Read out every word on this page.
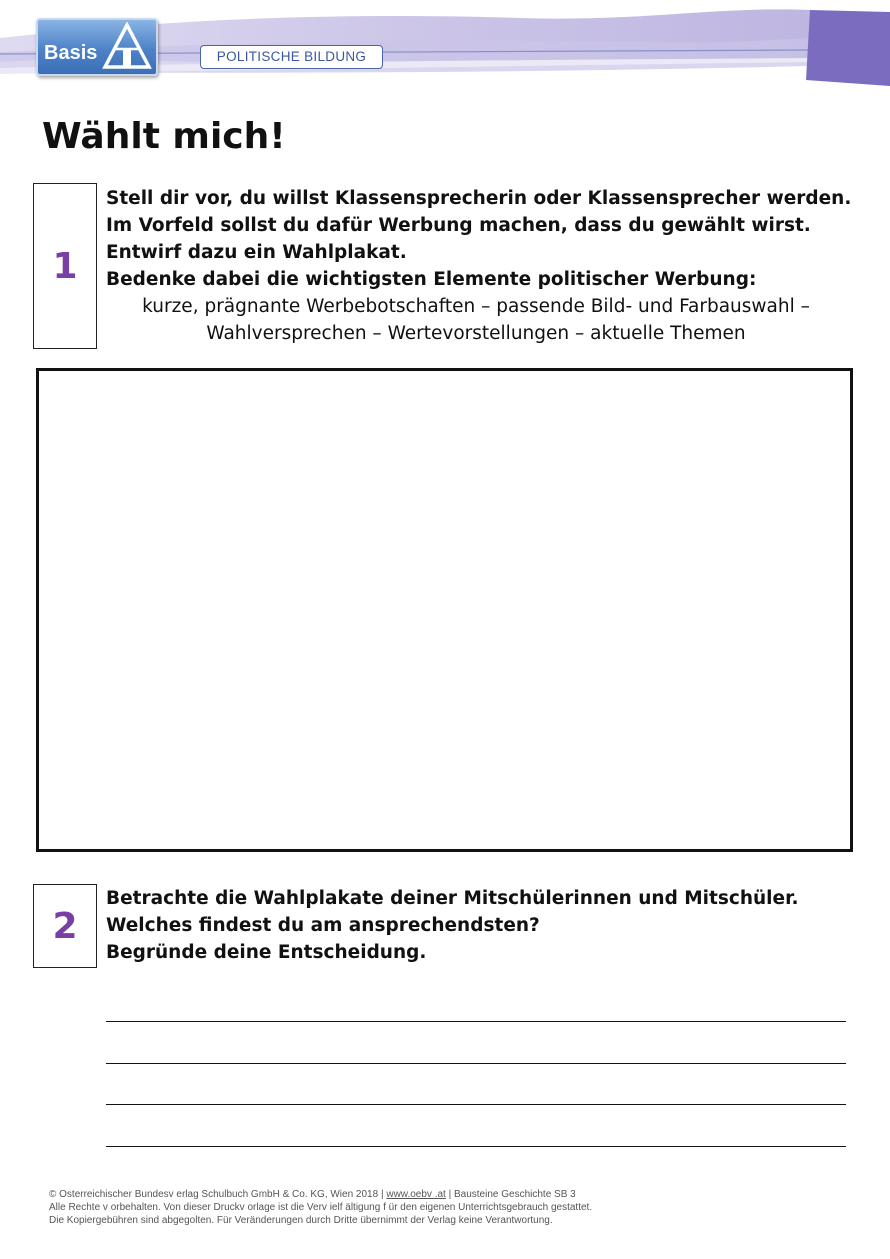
Basis	POLITISCHE BILDUNG
Wählt mich!
1
Stell dir vor, du willst Klassensprecherin oder Klassensprecher werden.
Im Vorfeld sollst du dafür Werbung machen, dass du gewählt wirst.
Entwirf dazu ein Wahlplakat.
Bedenke dabei die wichtigsten Elemente politischer Werbung:
kurze, prägnante Werbebotschaften – passende Bild- und Farbauswahl –
Wahlversprechen – Wertevorstellungen – aktuelle Themen
2
Betrachte die Wahlplakate deiner Mitschülerinnen und Mitschüler.
Welches findest du am ansprechendsten?
Begründe deine Entscheidung.
© Osterreichischer Bundesv erlag Schulbuch GmbH & Co. KG, Wien 2018 | www.oebv .at | Bausteine Geschichte SB 3
Alle Rechte v orbehalten. Von dieser Druckv orlage ist die Verv ielf ältigung f ür den eigenen Unterrichtsgebrauch gestattet.
Die Kopiergebühren sind abgegolten. Für Veränderungen durch Dritte übernimmt der Verlag keine Verantwortung.
